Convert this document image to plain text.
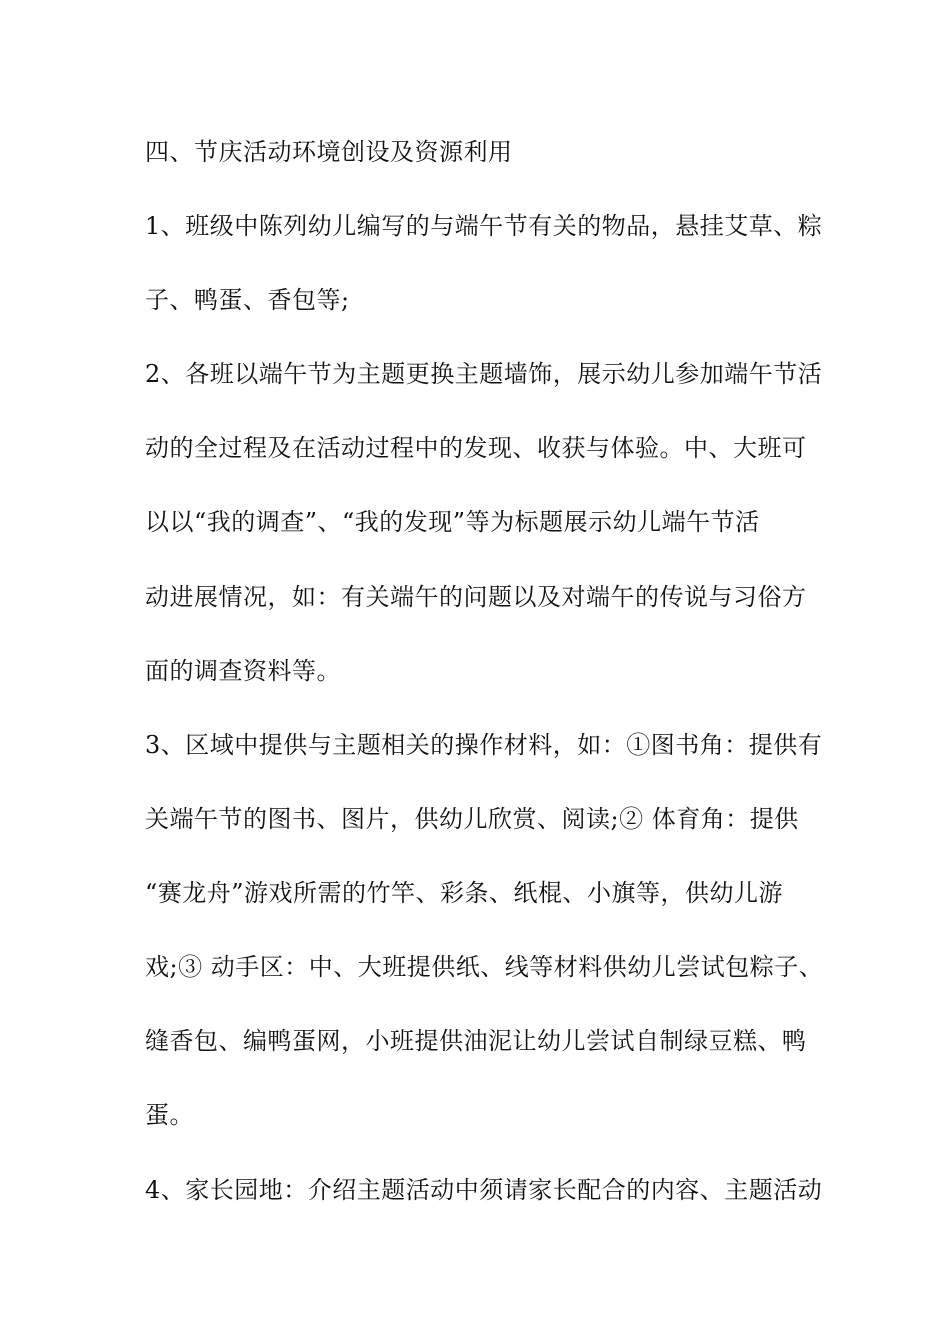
四、节庆活动环境创设及资源利用
1、班级中陈列幼儿编写的与端午节有关的物品，悬挂艾草、粽
子、鸭蛋、香包等;
2、各班以端午节为主题更换主题墙饰，展示幼儿参加端午节活
动的全过程及在活动过程中的发现、收获与体验。中、大班可
以以“我的调查”、“我的发现”等为标题展示幼儿端午节活
动进展情况，如：有关端午的问题以及对端午的传说与习俗方
面的调查资料等。
3、区域中提供与主题相关的操作材料，如：①图书角：提供有
关端午节的图书、图片，供幼儿欣赏、阅读;② 体育角：提供
“赛龙舟”游戏所需的竹竿、彩条、纸棍、小旗等，供幼儿游
戏;③ 动手区：中、大班提供纸、线等材料供幼儿尝试包粽子、
缝香包、编鸭蛋网，小班提供油泥让幼儿尝试自制绿豆糕、鸭
蛋。
4、家长园地：介绍主题活动中须请家长配合的内容、主题活动
